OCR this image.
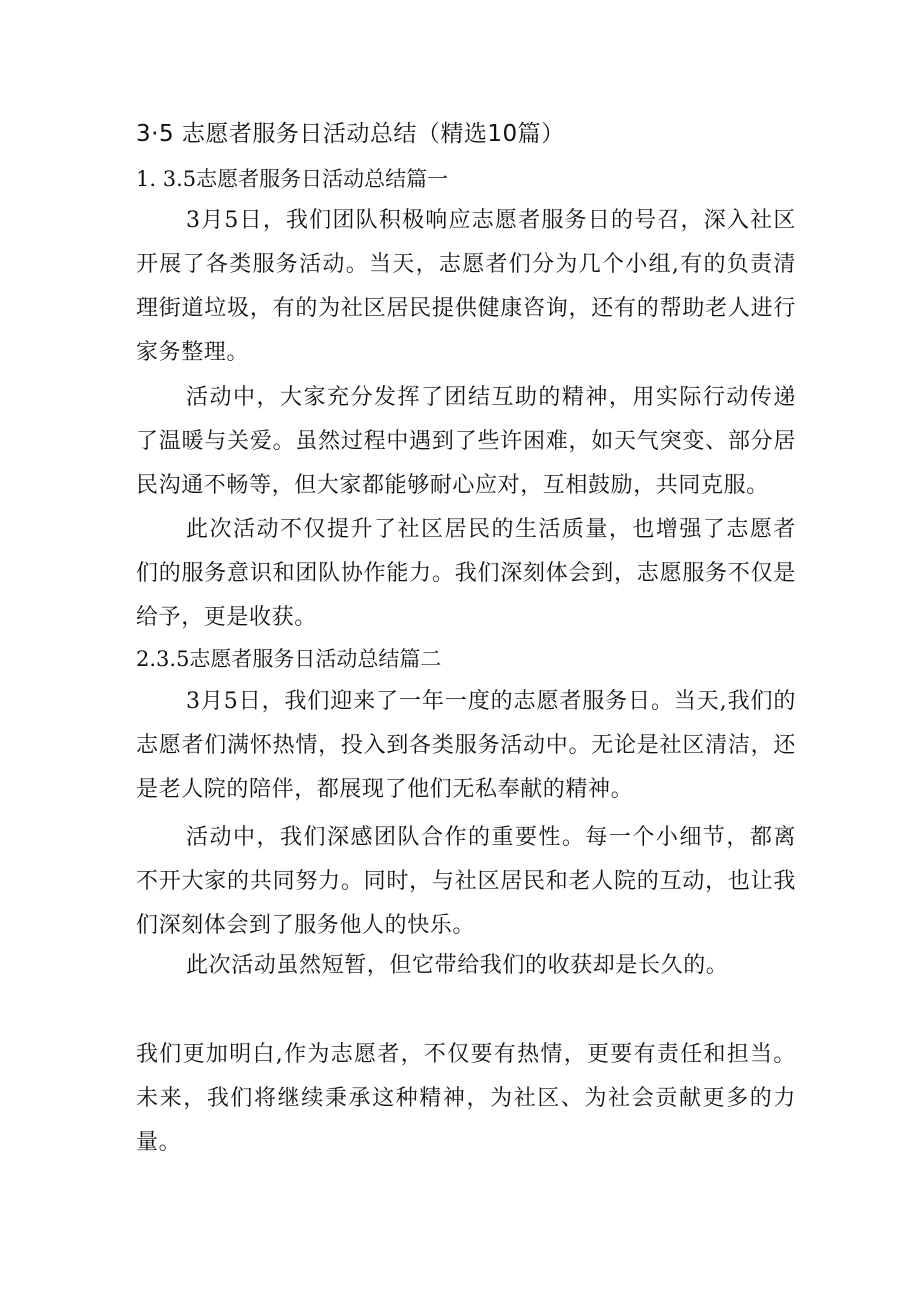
3·5 志愿者服务日活动总结（精选10篇）
1. 3.5志愿者服务日活动总结篇一
3月5日，我们团队积极响应志愿者服务日的号召，深入社区开展了各类服务活动。当天，志愿者们分为几个小组,有的负责清理街道垃圾，有的为社区居民提供健康咨询，还有的帮助老人进行家务整理。
活动中，大家充分发挥了团结互助的精神，用实际行动传递了温暖与关爱。虽然过程中遇到了些许困难，如天气突变、部分居民沟通不畅等，但大家都能够耐心应对，互相鼓励，共同克服。
此次活动不仅提升了社区居民的生活质量，也增强了志愿者们的服务意识和团队协作能力。我们深刻体会到，志愿服务不仅是给予，更是收获。
2.3.5志愿者服务日活动总结篇二
3月5日，我们迎来了一年一度的志愿者服务日。当天,我们的志愿者们满怀热情，投入到各类服务活动中。无论是社区清洁，还是老人院的陪伴，都展现了他们无私奉献的精神。
活动中，我们深感团队合作的重要性。每一个小细节，都离不开大家的共同努力。同时，与社区居民和老人院的互动，也让我们深刻体会到了服务他人的快乐。
此次活动虽然短暂，但它带给我们的收获却是长久的。
我们更加明白,作为志愿者，不仅要有热情，更要有责任和担当。未来，我们将继续秉承这种精神，为社区、为社会贡献更多的力量。
